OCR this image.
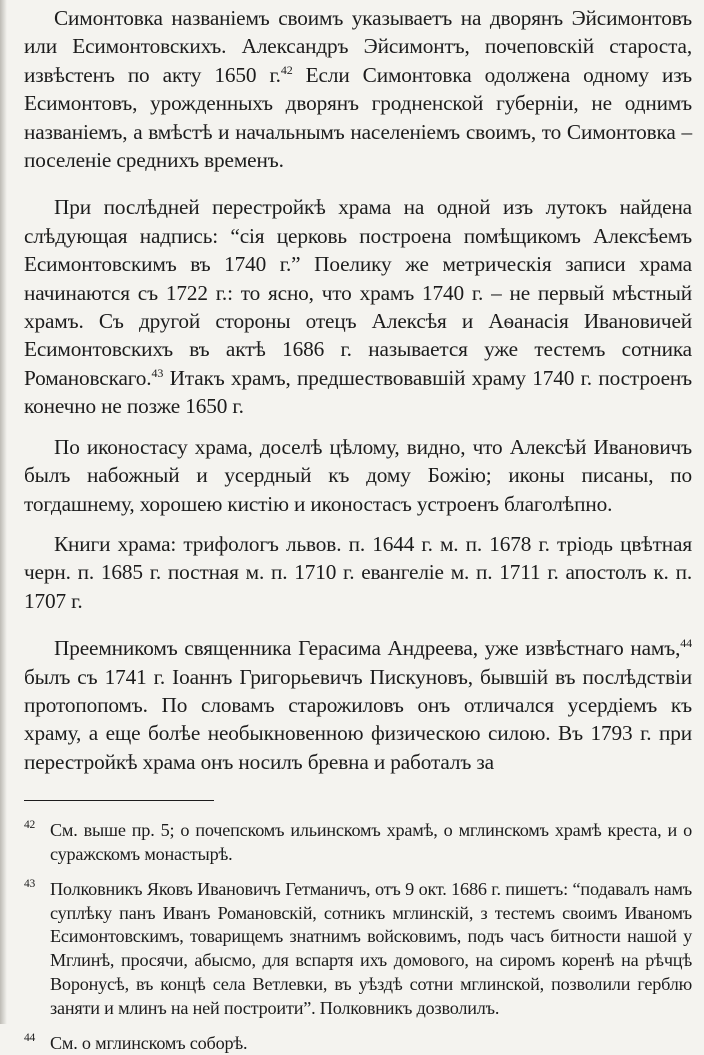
Симонтовка названіемъ своимъ указываетъ на дворянъ Эйсимонтовъ или Есимонтовскихъ. Александръ Эйсимонтъ, почеповскій староста, извѣстенъ по акту 1650 г.$^{42}$ Если Симонтовка одолжена одному изъ Есимонтовъ, урожденныхъ дворянъ гродненской губерніи, не однимъ названіемъ, а вмѣстѣ и начальнымъ населеніемъ своимъ, то Симонтовка – поселеніе среднихъ временъ.

При послѣдней перестройкѣ храма на одной изъ лутокъ найдена слѣдующая надпись: “сія церковь построена помѣщикомъ Алексѣемъ Есимонтовскимъ въ 1740 г.” Поелику же метрическія записи храма начинаются съ 1722 г.: то ясно, что храмъ 1740 г. – не первый мѣстный храмъ. Съ другой стороны отецъ Алексѣя и Аѳанасія Ивановичей Есимонтовскихъ въ актѣ 1686 г. называется уже тестемъ сотника Романовскаго.$^{43}$ Итакъ храмъ, предшествовавшій храму 1740 г. построенъ конечно не позже 1650 г.

По иконостасу храма, доселѣ цѣлому, видно, что Алексѣй Ивановичъ былъ набожный и усердный къ дому Божію; иконы писаны, по тогдашнему, хорошею кистію и иконостасъ устроенъ благолѣпно.

Книги храма: трифологъ львов. п. 1644 г. м. п. 1678 г. тріодь цвѣтная черн. п. 1685 г. постная м. п. 1710 г. евангеліе м. п. 1711 г. апостолъ к. п. 1707 г.

Преемникомъ священника Герасима Андреева, уже извѣстнаго намъ,$^{44}$ былъ съ 1741 г. Іоаннъ Григорьевичъ Пискуновъ, бывшій въ послѣдствіи протопопомъ. По словамъ старожиловъ онъ отличался усердіемъ къ храму, а еще болѣе необыкновенною физическою силою. Въ 1793 г. при перестройкѣ храма онъ носилъ бревна и работалъ за

42 См. выше пр. 5; о почепскомъ ильинскомъ храмѣ, о мглинскомъ храмѣ креста, и о суражскомъ монастырѣ.
43 Полковникъ Яковъ Ивановичъ Гетманичъ, отъ 9 окт. 1686 г. пишетъ: “подавалъ намъ суплѣку панъ Иванъ Романовскій, сотникъ мглинскій, з тестемъ своимъ Иваномъ Есимонтовскимъ, товарищемъ знатнимъ войсковимъ, подъ часъ битности нашой у Мглинѣ, просячи, абысмо, для вспартя ихъ домового, на сиромъ коренѣ на рѣчцѣ Воронусѣ, въ концѣ села Ветлевки, въ уѣздѣ сотни мглинской, позволили герблю заняти и млинъ на ней построити”. Полковникъ дозволилъ.
44 См. о мглинскомъ соборѣ.
